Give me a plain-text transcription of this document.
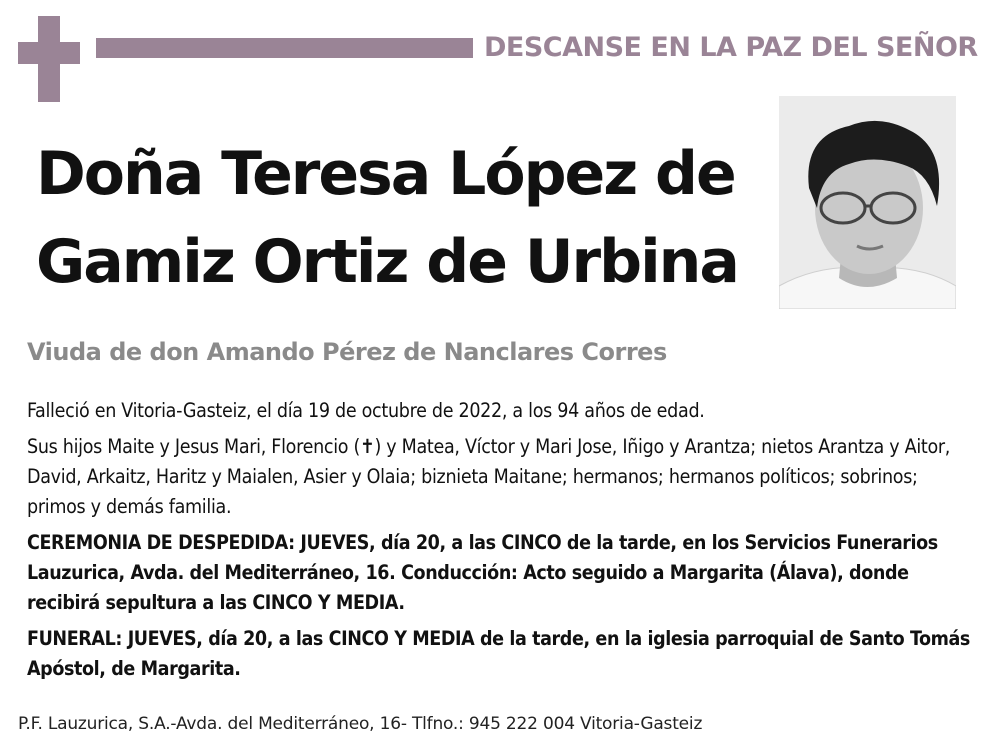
DESCANSE EN LA PAZ DEL SEÑOR
Doña Teresa López de
Gamiz Ortiz de Urbina
Viuda de don Amando Pérez de Nanclares Corres

Falleció en Vitoria-Gasteiz, el día 19 de octubre de 2022, a los 94 años de edad.

Sus hijos Maite y Jesus Mari, Florencio (✝) y Matea, Víctor y Mari Jose, Iñigo y Arantza; nietos Arantza y Aitor, David, Arkaitz, Haritz y Maialen, Asier y Olaia; biznieta Maitane; hermanos; hermanos políticos; sobrinos; primos y demás familia.

CEREMONIA DE DESPEDIDA: JUEVES, día 20, a las CINCO de la tarde, en los Servicios Funerarios Lauzurica, Avda. del Mediterráneo, 16. Conducción: Acto seguido a Margarita (Álava), donde recibirá sepultura a las CINCO Y MEDIA.

FUNERAL: JUEVES, día 20, a las CINCO Y MEDIA de la tarde, en la iglesia parroquial de Santo Tomás Apóstol, de Margarita.

P.F. Lauzurica, S.A.-Avda. del Mediterráneo, 16- Tlfno.: 945 222 004 Vitoria-Gasteiz
